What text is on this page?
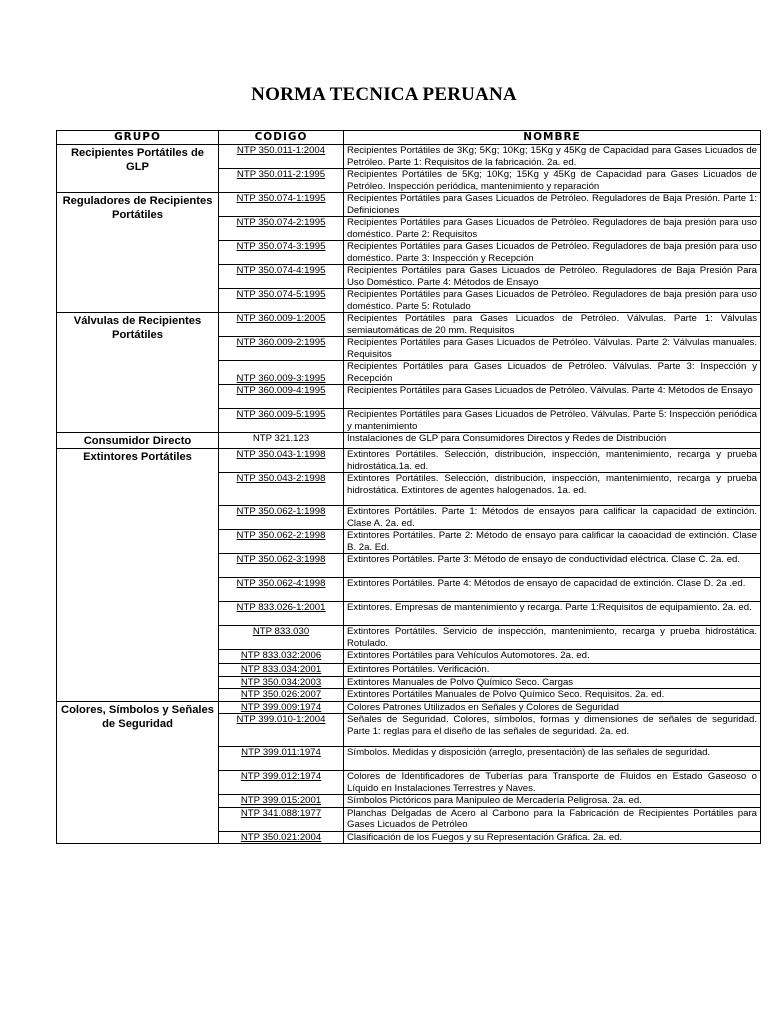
NORMA TECNICA PERUANA
GRUPO	CÓDIGO	NOMBRE
Recipientes Portátiles de GLP	NTP 350.011-1:2004	Recipientes Portátiles de 3Kg; 5Kg; 10Kg; 15Kg y 45Kg de Capacidad para Gases Licuados de Petróleo. Parte 1: Requisitos de la fabricación. 2a. ed.
	NTP 350.011-2:1995	Recipientes Portátiles de 5Kg; 10Kg; 15Kg y 45Kg de Capacidad para Gases Licuados de Petróleo. Inspección periódica, mantenimiento y reparación
Reguladores de Recipientes Portátiles	NTP 350.074-1:1995	Recipientes Portátiles para Gases Licuados de Petróleo. Reguladores de Baja Presión. Parte 1: Definiciones
	NTP 350.074-2:1995	Recipientes Portátiles para Gases Licuados de Petróleo. Reguladores de baja presión para uso doméstico. Parte 2: Requisitos
	NTP 350.074-3:1995	Recipientes Portátiles para Gases Licuados de Petróleo. Reguladores de baja presión para uso doméstico. Parte 3: Inspección y Recepción
	NTP 350.074-4:1995	Recipientes Portátiles para Gases Licuados de Petróleo. Reguladores de Baja Presión Para Uso Doméstico. Parte 4: Métodos de Ensayo
	NTP 350.074-5:1995	Recipientes Portátiles para Gases Licuados de Petróleo. Reguladores de baja presión para uso doméstico. Parte 5: Rotulado
Válvulas de Recipientes Portátiles	NTP 360.009-1:2005	Recipientes Portátiles para Gases Licuados de Petróleo. Válvulas. Parte 1: Válvulas semiautomáticas de 20 mm. Requisitos
	NTP 360.009-2:1995	Recipientes Portátiles para Gases Licuados de Petróleo. Válvulas. Parte 2: Válvulas manuales. Requisitos
	NTP 360.009-3:1995	Recipientes Portátiles para Gases Licuados de Petróleo. Válvulas. Parte 3: Inspección y Recepción
	NTP 360.009-4:1995	Recipientes Portátiles para Gases Licuados de Petróleo. Válvulas. Parte 4: Métodos de Ensayo
	NTP 360.009-5:1995	Recipientes Portátiles para Gases Licuados de Petróleo. Válvulas. Parte 5: Inspección periódica y mantenimiento
Consumidor Directo	NTP 321.123	Instalaciones de GLP para Consumidores Directos y Redes de Distribución
Extintores Portátiles	NTP 350.043-1:1998	Extintores Portátiles. Selección, distribución, inspección, mantenimiento, recarga y prueba hidrostática.1a. ed.
	NTP 350.043-2:1998	Extintores Portátiles. Selección, distribución, inspección, mantenimiento, recarga y prueba hidrostática. Extintores de agentes halogenados. 1a. ed.
	NTP 350.062-1:1998	Extintores Portátiles. Parte 1: Métodos de ensayos para calificar la capacidad de extinción. Clase A. 2a. ed.
	NTP 350.062-2:1998	Extintores Portátiles. Parte 2: Método de ensayo para calificar la caoacidad de extinción. Clase B. 2a. Ed.
	NTP 350.062-3:1998	Extintores Portátiles. Parte 3: Método de ensayo de conductividad eléctrica. Clase C. 2a. ed.
	NTP 350.062-4:1998	Extintores Portátiles. Parte 4: Métodos de ensayo de capacidad de extinción. Clase D. 2a .ed.
	NTP 833.026-1:2001	Extintores. Empresas de mantenimiento y recarga. Parte 1:Requisitos de equipamiento. 2a. ed.
	NTP 833.030	Extintores Portátiles. Servicio de inspección, mantenimiento, recarga y prueba hidrostática. Rotulado.
	NTP 833.032:2006	Extintores Portátiles para Vehículos Automotores. 2a. ed.
	NTP 833.034:2001	Extintores Portátiles. Verificación.
	NTP 350.034:2003	Extintores Manuales de Polvo Químico Seco. Cargas
	NTP 350.026:2007	Extintores Portátiles Manuales de Polvo Químico Seco. Requisitos. 2a. ed.
Colores, Símbolos y Señales de Seguridad	NTP 399.009:1974	Colores Patrones Utilizados en Señales y Colores de Seguridad
	NTP 399.010-1:2004	Señales de Seguridad. Colores, símbolos, formas y dimensiones de señales de seguridad. Parte 1: reglas para el diseño de las señales de seguridad. 2a. ed.
	NTP 399.011:1974	Símbolos. Medidas y disposición (arreglo, presentación) de las señales de seguridad.
	NTP 399.012:1974	Colores de Identificadores de Tuberías para Transporte de Fluidos en Estado Gaseoso o Líquido en Instalaciones Terrestres y Naves.
	NTP 399.015:2001	Símbolos Pictóricos para Manipuleo de Mercadería Peligrosa. 2a. ed.
	NTP 341.088:1977	Planchas Delgadas de Acero al Carbono para la Fabricación de Recipientes Portátiles para Gases Licuados de Petróleo
	NTP 350.021:2004	Clasificación de los Fuegos y su Representación Gráfica. 2a. ed.
